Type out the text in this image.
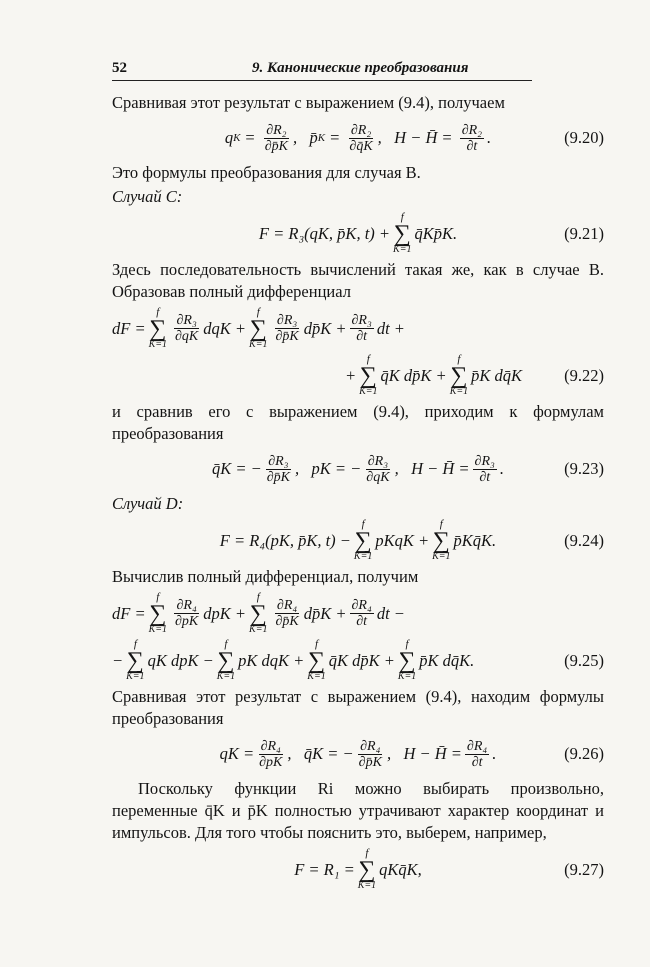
52	9. Канонические преобразования

Сравнивая этот результат с выражением (9.4), получаем

q $K = \frac{\text{∂R₂}}{\partial p̄K}$ , p̄ $K = \frac{\text{∂R₂}}{\partial q̄K}$ , H − H̄ = $\frac{\text{∂R₂}}{\partial t}$ .	(9.20)

Это формулы преобразования для случая B.

Случай C:

F = R₃(qK, p̄K, t) +
f
∑
K=1
q̄Kp̄K.	(9.21)

Здесь последовательность вычислений такая же, как в случае B. Образовав полный дифференциал

dF =
f
∑
K=1
$\frac{\text{∂R₃}}{\partial qK}$ dqK +
f
∑
K=1
$\frac{\text{∂R₃}}{\partial p̄K}$ dp̄K + $\frac{\text{∂R₃}}{\partial t}$ dt +
+
f
∑
K=1
q̄K dp̄K +
f
∑
K=1
p̄K dq̄K	(9.22)

и сравнив его с выражением (9.4), приходим к формулам преобразования

q̄K = − $\frac{\text{∂R₃}}{\partial p̄K}$ , pK = − $\frac{\text{∂R₃}}{\partial qK}$ , H − H̄ = $\frac{\text{∂R₃}}{\partial t}$ .	(9.23)

Случай D:

F = R₄(pK, p̄K, t) −
f
∑
K=1
pKqK +
f
∑
K=1
p̄Kq̄K.	(9.24)

Вычислив полный дифференциал, получим

dF =
f
∑
K=1
$\frac{\text{∂R₄}}{\partial pK}$ dpK +
f
∑
K=1
$\frac{\text{∂R₄}}{\partial p̄K}$ dp̄K + $\frac{\text{∂R₄}}{\partial t}$ dt −
−
f
∑
K=1
qK dpK −
f
∑
K=1
pK dqK +
f
∑
K=1
q̄K dp̄K +
f
∑
K=1
p̄K dq̄K.	(9.25)

Сравнивая этот результат с выражением (9.4), находим формулы преобразования

qK = $\frac{\text{∂R₄}}{\partial pK}$ , q̄K = − $\frac{\text{∂R₄}}{\partial p̄K}$ , H − H̄ = $\frac{\text{∂R₄}}{\partial t}$ .	(9.26)

Поскольку функции Ri можно выбирать произвольно, переменные q̄K и p̄K полностью утрачивают характер координат и импульсов. Для того чтобы пояснить это, выберем, например,

F = R₁ =
f
∑
K=1
qKq̄K,	(9.27)
